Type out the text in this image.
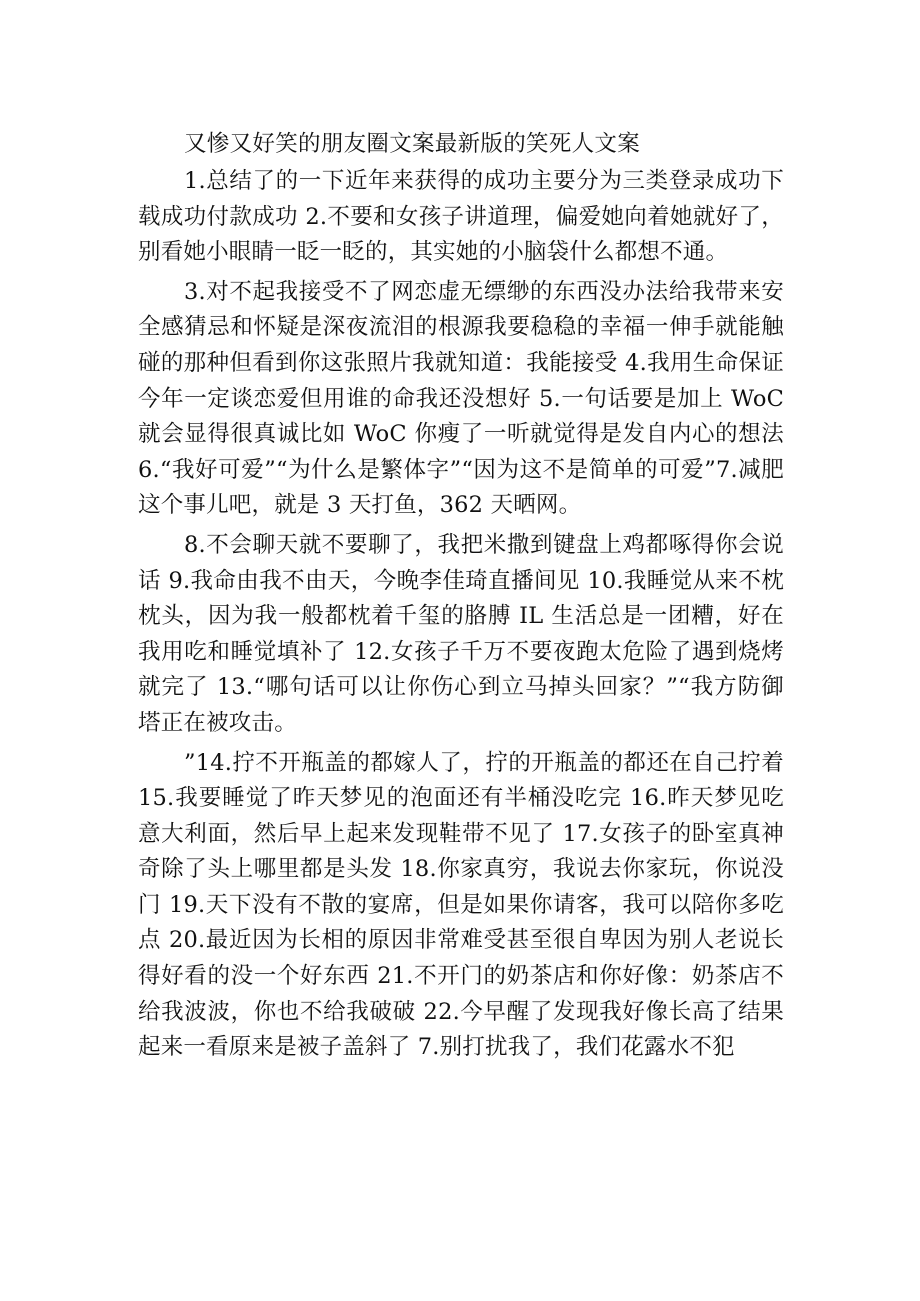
又惨又好笑的朋友圈文案最新版的笑死人文案

1.总结了的一下近年来获得的成功主要分为三类登录成功下载成功付款成功 2.不要和女孩子讲道理，偏爱她向着她就好了，别看她小眼睛一眨一眨的，其实她的小脑袋什么都想不通。

3.对不起我接受不了网恋虚无缥缈的东西没办法给我带来安全感猜忌和怀疑是深夜流泪的根源我要稳稳的幸福一伸手就能触碰的那种但看到你这张照片我就知道：我能接受 4.我用生命保证今年一定谈恋爱但用谁的命我还没想好 5.一句话要是加上 WoC 就会显得很真诚比如 WoC 你瘦了一听就觉得是发自内心的想法 6.“我好可爱”“为什么是繁体字”“因为这不是简单的可爱”7.减肥这个事儿吧，就是 3 天打鱼，362 天晒网。

8.不会聊天就不要聊了，我把米撒到键盘上鸡都啄得你会说话 9.我命由我不由天，今晚李佳琦直播间见 10.我睡觉从来不枕枕头，因为我一般都枕着千玺的胳膊 IL 生活总是一团糟，好在我用吃和睡觉填补了 12.女孩子千万不要夜跑太危险了遇到烧烤就完了 13.“哪句话可以让你伤心到立马掉头回家？”“我方防御塔正在被攻击。

”14.拧不开瓶盖的都嫁人了，拧的开瓶盖的都还在自己拧着 15.我要睡觉了昨天梦见的泡面还有半桶没吃完 16.昨天梦见吃意大利面，然后早上起来发现鞋带不见了 17.女孩子的卧室真神奇除了头上哪里都是头发 18.你家真穷，我说去你家玩，你说没门 19.天下没有不散的宴席，但是如果你请客，我可以陪你多吃点 20.最近因为长相的原因非常难受甚至很自卑因为别人老说长得好看的没一个好东西 21.不开门的奶茶店和你好像：奶茶店不给我波波，你也不给我破破 22.今早醒了发现我好像长高了结果起来一看原来是被子盖斜了 7.别打扰我了，我们花露水不犯
